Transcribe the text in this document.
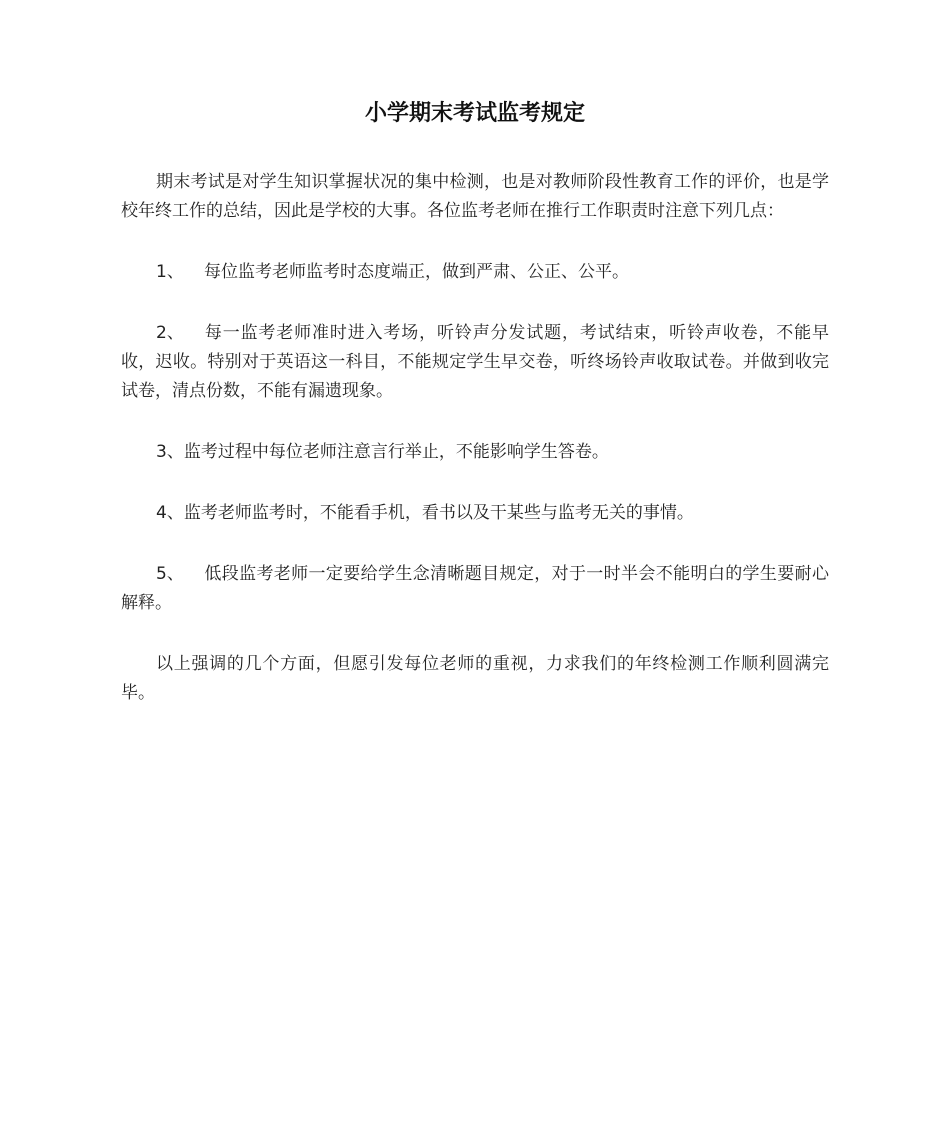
小学期末考试监考规定

期末考试是对学生知识掌握状况的集中检测，也是对教师阶段性教育工作的评价，也是学校年终工作的总结，因此是学校的大事。各位监考老师在推行工作职责时注意下列几点：

1、 每位监考老师监考时态度端正，做到严肃、公正、公平。

2、 每一监考老师准时进入考场，听铃声分发试题，考试结束，听铃声收卷，不能早收，迟收。特别对于英语这一科目，不能规定学生早交卷，听终场铃声收取试卷。并做到收完试卷，清点份数，不能有漏遗现象。

3、监考过程中每位老师注意言行举止，不能影响学生答卷。

4、监考老师监考时，不能看手机，看书以及干某些与监考无关的事情。

5、 低段监考老师一定要给学生念清晰题目规定，对于一时半会不能明白的学生要耐心解释。

以上强调的几个方面，但愿引发每位老师的重视，力求我们的年终检测工作顺利圆满完毕。
